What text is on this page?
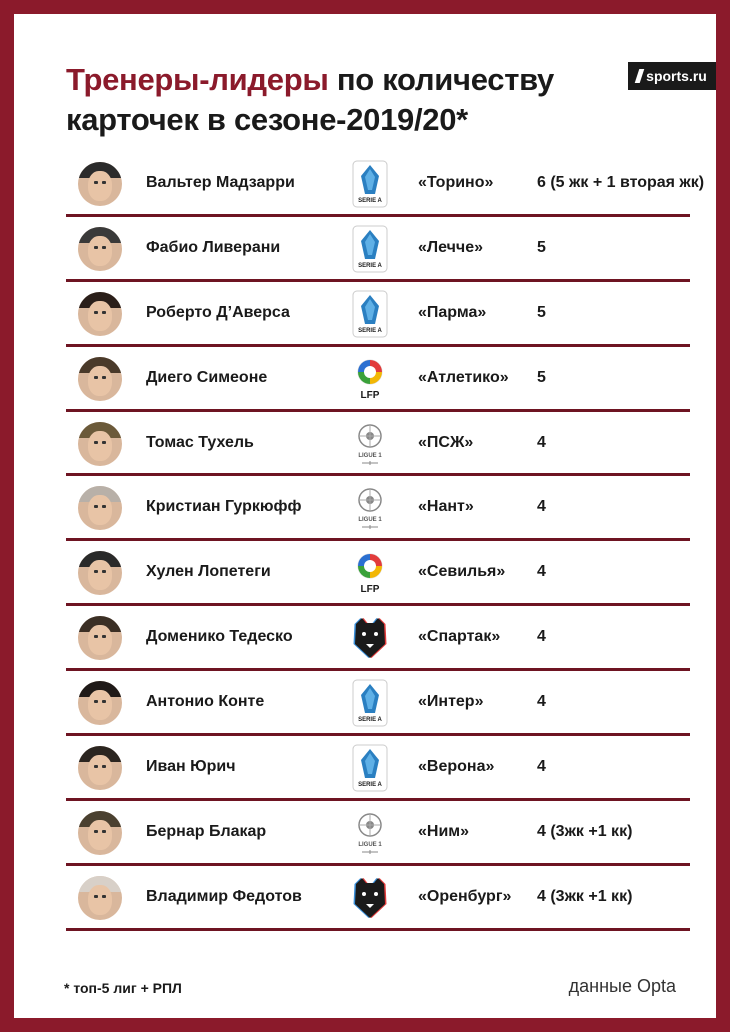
Тренеры-лидеры по количеству
карточек в сезоне-2019/20*
sports.ru
Вальтер Мадзарри
SERIE A
«Торино»	6 (5 жк + 1 вторая жк)
Фабио Ливерани
SERIE A
«Лечче»	5
Роберто Д’Аверса
SERIE A
«Парма»	5
Диего Симеоне
LFP
«Атлетико» 5
Томас Тухель
LIGUE 1
«ПСЖ»	4
Кристиан Гуркюфф
LIGUE 1
«Нант»	4
Хулен Лопетеги
LFP
«Севилья» 4
Доменико Тедеско	«Спартак» 4
Антонио Конте
SERIE A
«Интер»	4
Иван Юрич
SERIE A
«Верона»	4
Бернар Блакар
LIGUE 1
«Ним»	4 (3жк +1 кк)
Владимир Федотов	«Оренбург» 4 (3жк +1 кк)
* топ-5 лиг + РПЛ	данные Opta
